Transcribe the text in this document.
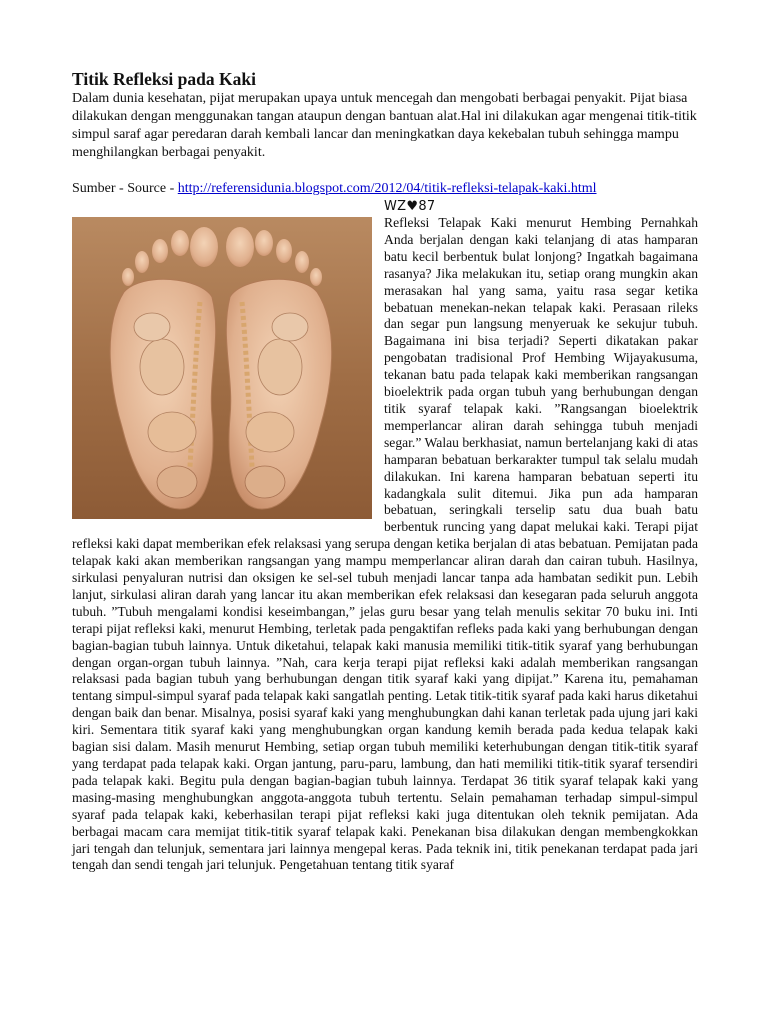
Titik Refleksi pada Kaki

Dalam dunia kesehatan, pijat merupakan upaya untuk mencegah dan mengobati berbagai penyakit. Pijat biasa dilakukan dengan menggunakan tangan ataupun dengan bantuan alat.Hal ini dilakukan agar mengenai titik-titik simpul saraf agar peredaran darah kembali lancar dan meningkatkan daya kekebalan tubuh sehingga mampu menghilangkan berbagai penyakit.

Sumber - Source - http://referensidunia.blogspot.com/2012/04/titik-refleksi-telapak-kaki.html

WZ♥87

Refleksi Telapak Kaki menurut Hembing Pernahkah Anda berjalan dengan kaki telanjang di atas hamparan batu kecil berbentuk bulat lonjong? Ingatkah bagaimana rasanya? Jika melakukan itu, setiap orang mungkin akan merasakan hal yang sama, yaitu rasa segar ketika bebatuan menekan-nekan telapak kaki. Perasaan rileks dan segar pun langsung menyeruak ke sekujur tubuh. Bagaimana ini bisa terjadi? Seperti dikatakan pakar pengobatan tradisional Prof Hembing Wijayakusuma, tekanan batu pada telapak kaki memberikan rangsangan bioelektrik pada organ tubuh yang berhubungan dengan titik syaraf telapak kaki. ”Rangsangan bioelektrik memperlancar aliran darah sehingga tubuh menjadi segar.” Walau berkhasiat, namun bertelanjang kaki di atas hamparan bebatuan berkarakter tumpul tak selalu mudah dilakukan. Ini karena hamparan bebatuan seperti itu kadangkala sulit ditemui. Jika pun ada hamparan bebatuan, seringkali terselip satu dua buah batu berbentuk runcing yang dapat melukai kaki. Terapi pijat refleksi kaki dapat memberikan efek relaksasi yang serupa dengan ketika berjalan di atas bebatuan. Pemijatan pada telapak kaki akan memberikan rangsangan yang mampu memperlancar aliran darah dan cairan tubuh. Hasilnya, sirkulasi penyaluran nutrisi dan oksigen ke sel-sel tubuh menjadi lancar tanpa ada hambatan sedikit pun. Lebih lanjut, sirkulasi aliran darah yang lancar itu akan memberikan efek relaksasi dan kesegaran pada seluruh anggota tubuh. ”Tubuh mengalami kondisi keseimbangan,” jelas guru besar yang telah menulis sekitar 70 buku ini. Inti terapi pijat refleksi kaki, menurut Hembing, terletak pada pengaktifan refleks pada kaki yang berhubungan dengan bagian-bagian tubuh lainnya. Untuk diketahui, telapak kaki manusia memiliki titik-titik syaraf yang berhubungan dengan organ-organ tubuh lainnya. ”Nah, cara kerja terapi pijat refleksi kaki adalah memberikan rangsangan relaksasi pada bagian tubuh yang berhubungan dengan titik syaraf kaki yang dipijat.” Karena itu, pemahaman tentang simpul-simpul syaraf pada telapak kaki sangatlah penting. Letak titik-titik syaraf pada kaki harus diketahui dengan baik dan benar. Misalnya, posisi syaraf kaki yang menghubungkan dahi kanan terletak pada ujung jari kaki kiri. Sementara titik syaraf kaki yang menghubungkan organ kandung kemih berada pada kedua telapak kaki bagian sisi dalam. Masih menurut Hembing, setiap organ tubuh memiliki keterhubungan dengan titik-titik syaraf yang terdapat pada telapak kaki. Organ jantung, paru-paru, lambung, dan hati memiliki titik-titik syaraf tersendiri pada telapak kaki. Begitu pula dengan bagian-bagian tubuh lainnya. Terdapat 36 titik syaraf telapak kaki yang masing-masing menghubungkan anggota-anggota tubuh tertentu. Selain pemahaman terhadap simpul-simpul syaraf pada telapak kaki, keberhasilan terapi pijat refleksi kaki juga ditentukan oleh teknik pemijatan. Ada berbagai macam cara memijat titik-titik syaraf telapak kaki. Penekanan bisa dilakukan dengan membengkokkan jari tengah dan telunjuk, sementara jari lainnya mengepal keras. Pada teknik ini, titik penekanan terdapat pada jari tengah dan sendi tengah jari telunjuk. Pengetahuan tentang titik syaraf
